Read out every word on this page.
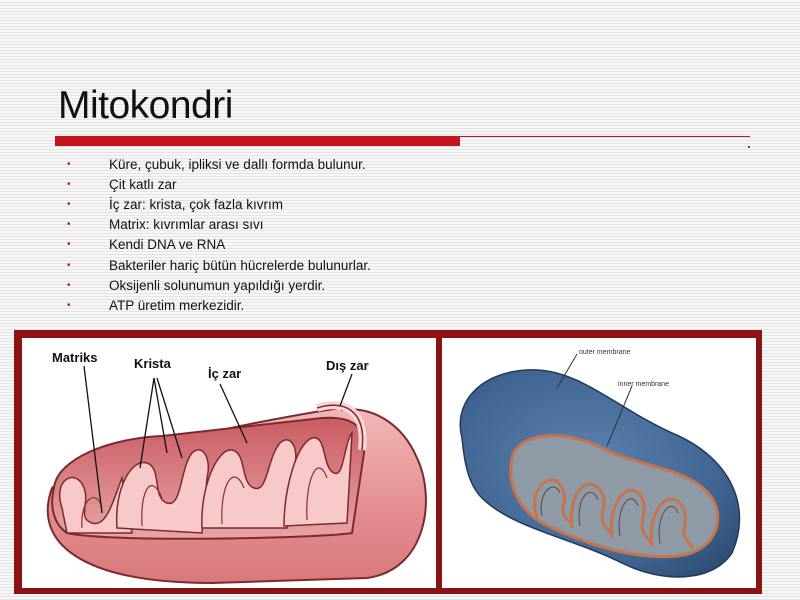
Mitokondri
•	Küre, çubuk, ipliksi ve dallı formda bulunur.
•	Çit katlı zar
•	İç zar: krista, çok fazla kıvrım
•	Matrix: kıvrımlar arası sıvı
•	Kendi DNA ve RNA
•	Bakteriler hariç bütün hücrelerde bulunurlar.
•	Oksijenli solunumun yapıldığı yerdir.
•	ATP üretim merkezidir.
Matriks	Krista
İç zar
Dış zar
outer membrane
inner membrane
